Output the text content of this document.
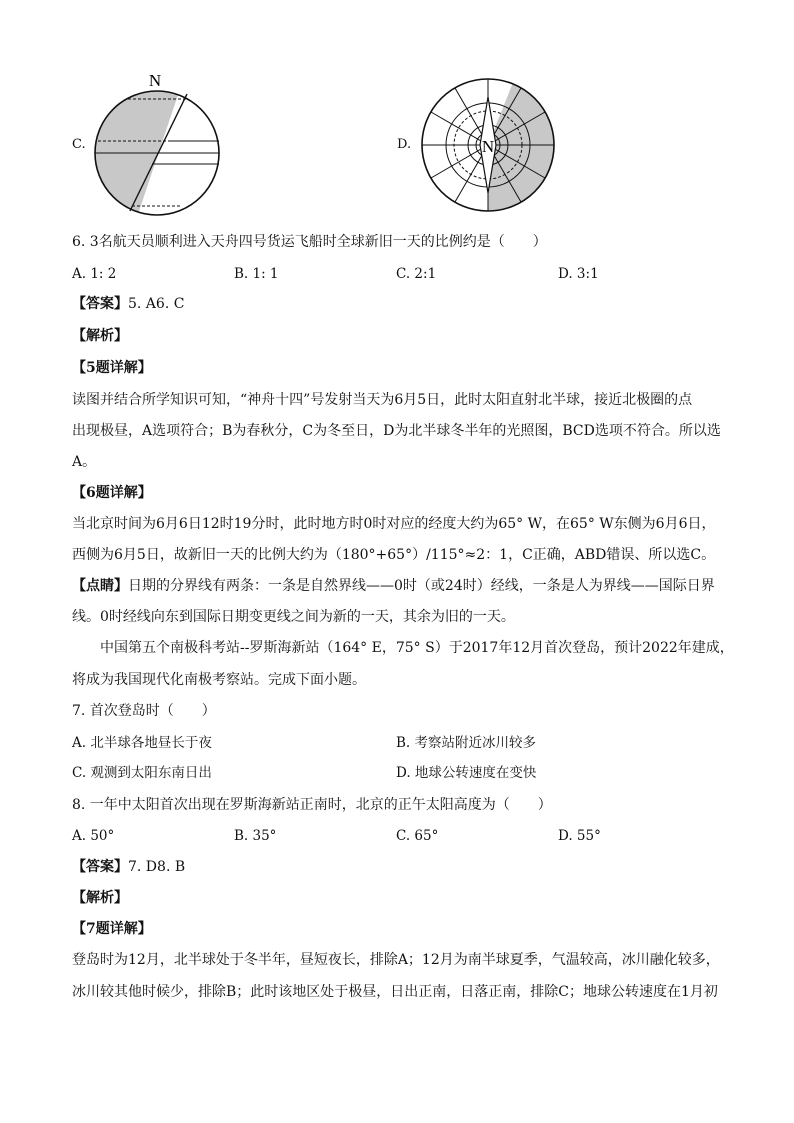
C.
N
D.	N
6. 3名航天员顺利进入天舟四号货运飞船时全球新旧一天的比例约是（　　）
A. 1: 2	B. 1: 1	C. 2:1	D. 3:1
【答案】5. A6. C
【解析】
【5题详解】
读图并结合所学知识可知，“神舟十四”号发射当天为6月5日，此时太阳直射北半球，接近北极圈的点
出现极昼，A选项符合；B为春秋分，C为冬至日，D为北半球冬半年的光照图，BCD选项不符合。所以选
A。
【6题详解】
当北京时间为6月6日12时19分时，此时地方时0时对应的经度大约为65° W，在65° W东侧为6月6日，
西侧为6月5日，故新旧一天的比例大约为（180°+65°）/115°≈2：1，C正确，ABD错误、所以选C。
【点睛】日期的分界线有两条：一条是自然界线——0时（或24时）经线，一条是人为界线——国际日界
线。0时经线向东到国际日期变更线之间为新的一天，其余为旧的一天。
中国第五个南极科考站--罗斯海新站（164° E，75° S）于2017年12月首次登岛，预计2022年建成，
将成为我国现代化南极考察站。完成下面小题。
7. 首次登岛时（　　）
A. 北半球各地昼长于夜	B. 考察站附近冰川较多
C. 观测到太阳东南日出	D. 地球公转速度在变快
8. 一年中太阳首次出现在罗斯海新站正南时，北京的正午太阳高度为（　　）
A. 50°	B. 35°	C. 65°	D. 55°
【答案】7. D8. B
【解析】
【7题详解】
登岛时为12月，北半球处于冬半年，昼短夜长，排除A；12月为南半球夏季，气温较高，冰川融化较多，
冰川较其他时候少，排除B；此时该地区处于极昼，日出正南，日落正南，排除C；地球公转速度在1月初
